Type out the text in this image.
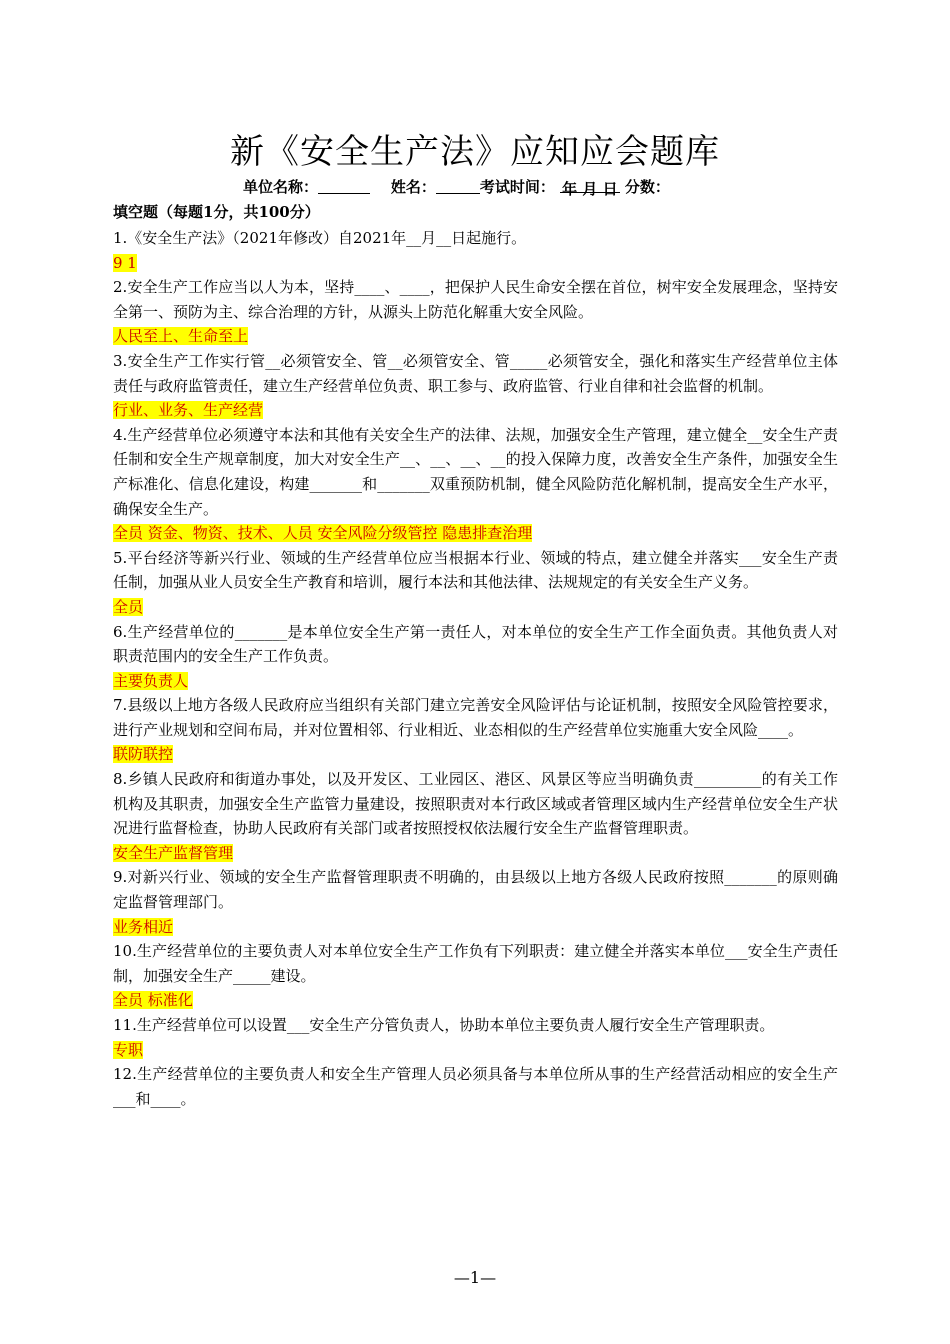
新《安全生产法》应知应会题库
单位名称：	姓名：	考试时间： 年 月 日 分数：
填空题（每题1分，共100分）

1.《安全生产法》（2021年修改）自2021年__月__日起施行。

9 1

2.安全生产工作应当以人为本，坚持____、____，把保护人民生命安全摆在首位，树牢安全发展理念，坚持安全第一、预防为主、综合治理的方针，从源头上防范化解重大安全风险。

人民至上、生命至上

3.安全生产工作实行管__必须管安全、管__必须管安全、管_____必须管安全，强化和落实生产经营单位主体责任与政府监管责任，建立生产经营单位负责、职工参与、政府监管、行业自律和社会监督的机制。

行业、业务、生产经营

4.生产经营单位必须遵守本法和其他有关安全生产的法律、法规，加强安全生产管理，建立健全__安全生产责任制和安全生产规章制度，加大对安全生产__、__、__、__的投入保障力度，改善安全生产条件，加强安全生产标准化、信息化建设，构建_______和_______双重预防机制，健全风险防范化解机制，提高安全生产水平，确保安全生产。

全员 资金、物资、技术、人员 安全风险分级管控 隐患排查治理

5.平台经济等新兴行业、领域的生产经营单位应当根据本行业、领域的特点，建立健全并落实___安全生产责任制，加强从业人员安全生产教育和培训，履行本法和其他法律、法规规定的有关安全生产义务。

全员

6.生产经营单位的_______是本单位安全生产第一责任人，对本单位的安全生产工作全面负责。其他负责人对职责范围内的安全生产工作负责。

主要负责人

7.县级以上地方各级人民政府应当组织有关部门建立完善安全风险评估与论证机制，按照安全风险管控要求，进行产业规划和空间布局，并对位置相邻、行业相近、业态相似的生产经营单位实施重大安全风险____。

联防联控

8.乡镇人民政府和街道办事处，以及开发区、工业园区、港区、风景区等应当明确负责_________的有关工作机构及其职责，加强安全生产监管力量建设，按照职责对本行政区域或者管理区域内生产经营单位安全生产状况进行监督检查，协助人民政府有关部门或者按照授权依法履行安全生产监督管理职责。

安全生产监督管理

9.对新兴行业、领域的安全生产监督管理职责不明确的，由县级以上地方各级人民政府按照_______的原则确定监督管理部门。

业务相近

10.生产经营单位的主要负责人对本单位安全生产工作负有下列职责：建立健全并落实本单位___安全生产责任制，加强安全生产_____建设。

全员 标准化

11.生产经营单位可以设置___安全生产分管负责人，协助本单位主要负责人履行安全生产管理职责。

专职

12.生产经营单位的主要负责人和安全生产管理人员必须具备与本单位所从事的生产经营活动相应的安全生产___和____。

—1—
